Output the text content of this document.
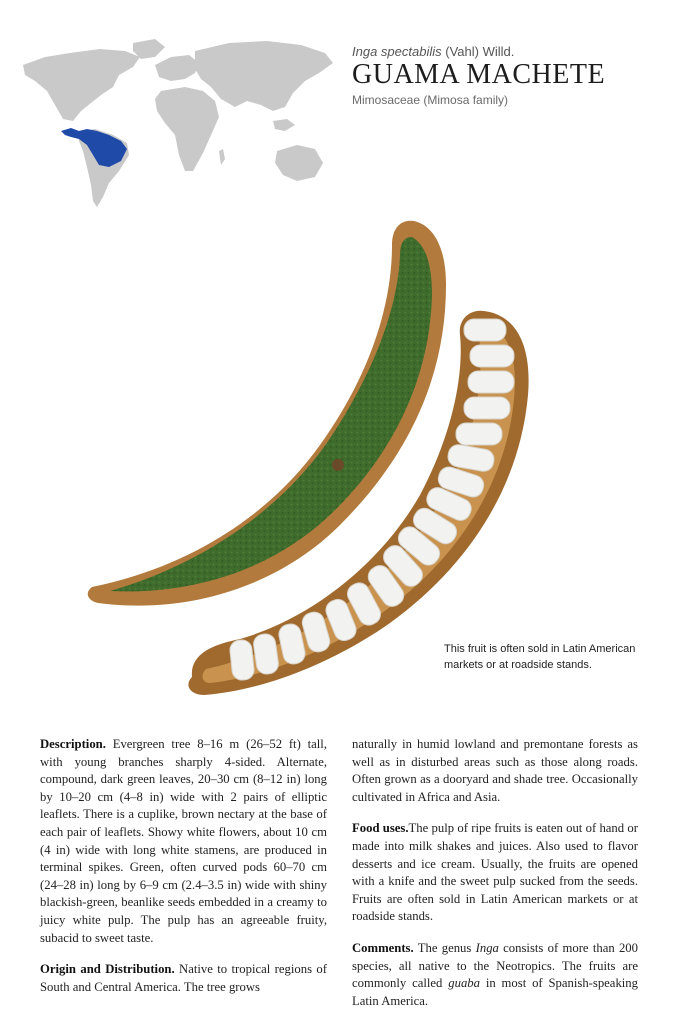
Inga spectabilis (Vahl) Willd.
GUAMA MACHETE
Mimosaceae (Mimosa family)
This fruit is often sold in Latin American markets or at roadside stands.

Description. Evergreen tree 8–16 m (26–52 ft) tall, with young branches sharply 4-sided. Alternate, compound, dark green leaves, 20–30 cm (8–12 in) long by 10–20 cm (4–8 in) wide with 2 pairs of elliptic leaflets. There is a cuplike, brown nectary at the base of each pair of leaflets. Showy white flowers, about 10 cm (4 in) wide with long white stamens, are produced in terminal spikes. Green, often curved pods 60–70 cm (24–28 in) long by 6–9 cm (2.4–3.5 in) wide with shiny blackish-green, beanlike seeds embedded in a creamy to juicy white pulp. The pulp has an agreeable fruity, subacid to sweet taste.

Origin and Distribution. Native to tropical regions of South and Central America. The tree grows

naturally in humid lowland and premontane forests as well as in disturbed areas such as those along roads. Often grown as a dooryard and shade tree. Occasionally cultivated in Africa and Asia.

Food uses.The pulp of ripe fruits is eaten out of hand or made into milk shakes and juices. Also used to flavor desserts and ice cream. Usually, the fruits are opened with a knife and the sweet pulp sucked from the seeds. Fruits are often sold in Latin American markets or at roadside stands.

Comments. The genus Inga consists of more than 200 species, all native to the Neotropics. The fruits are commonly called guaba in most of Spanish-speaking Latin America.
